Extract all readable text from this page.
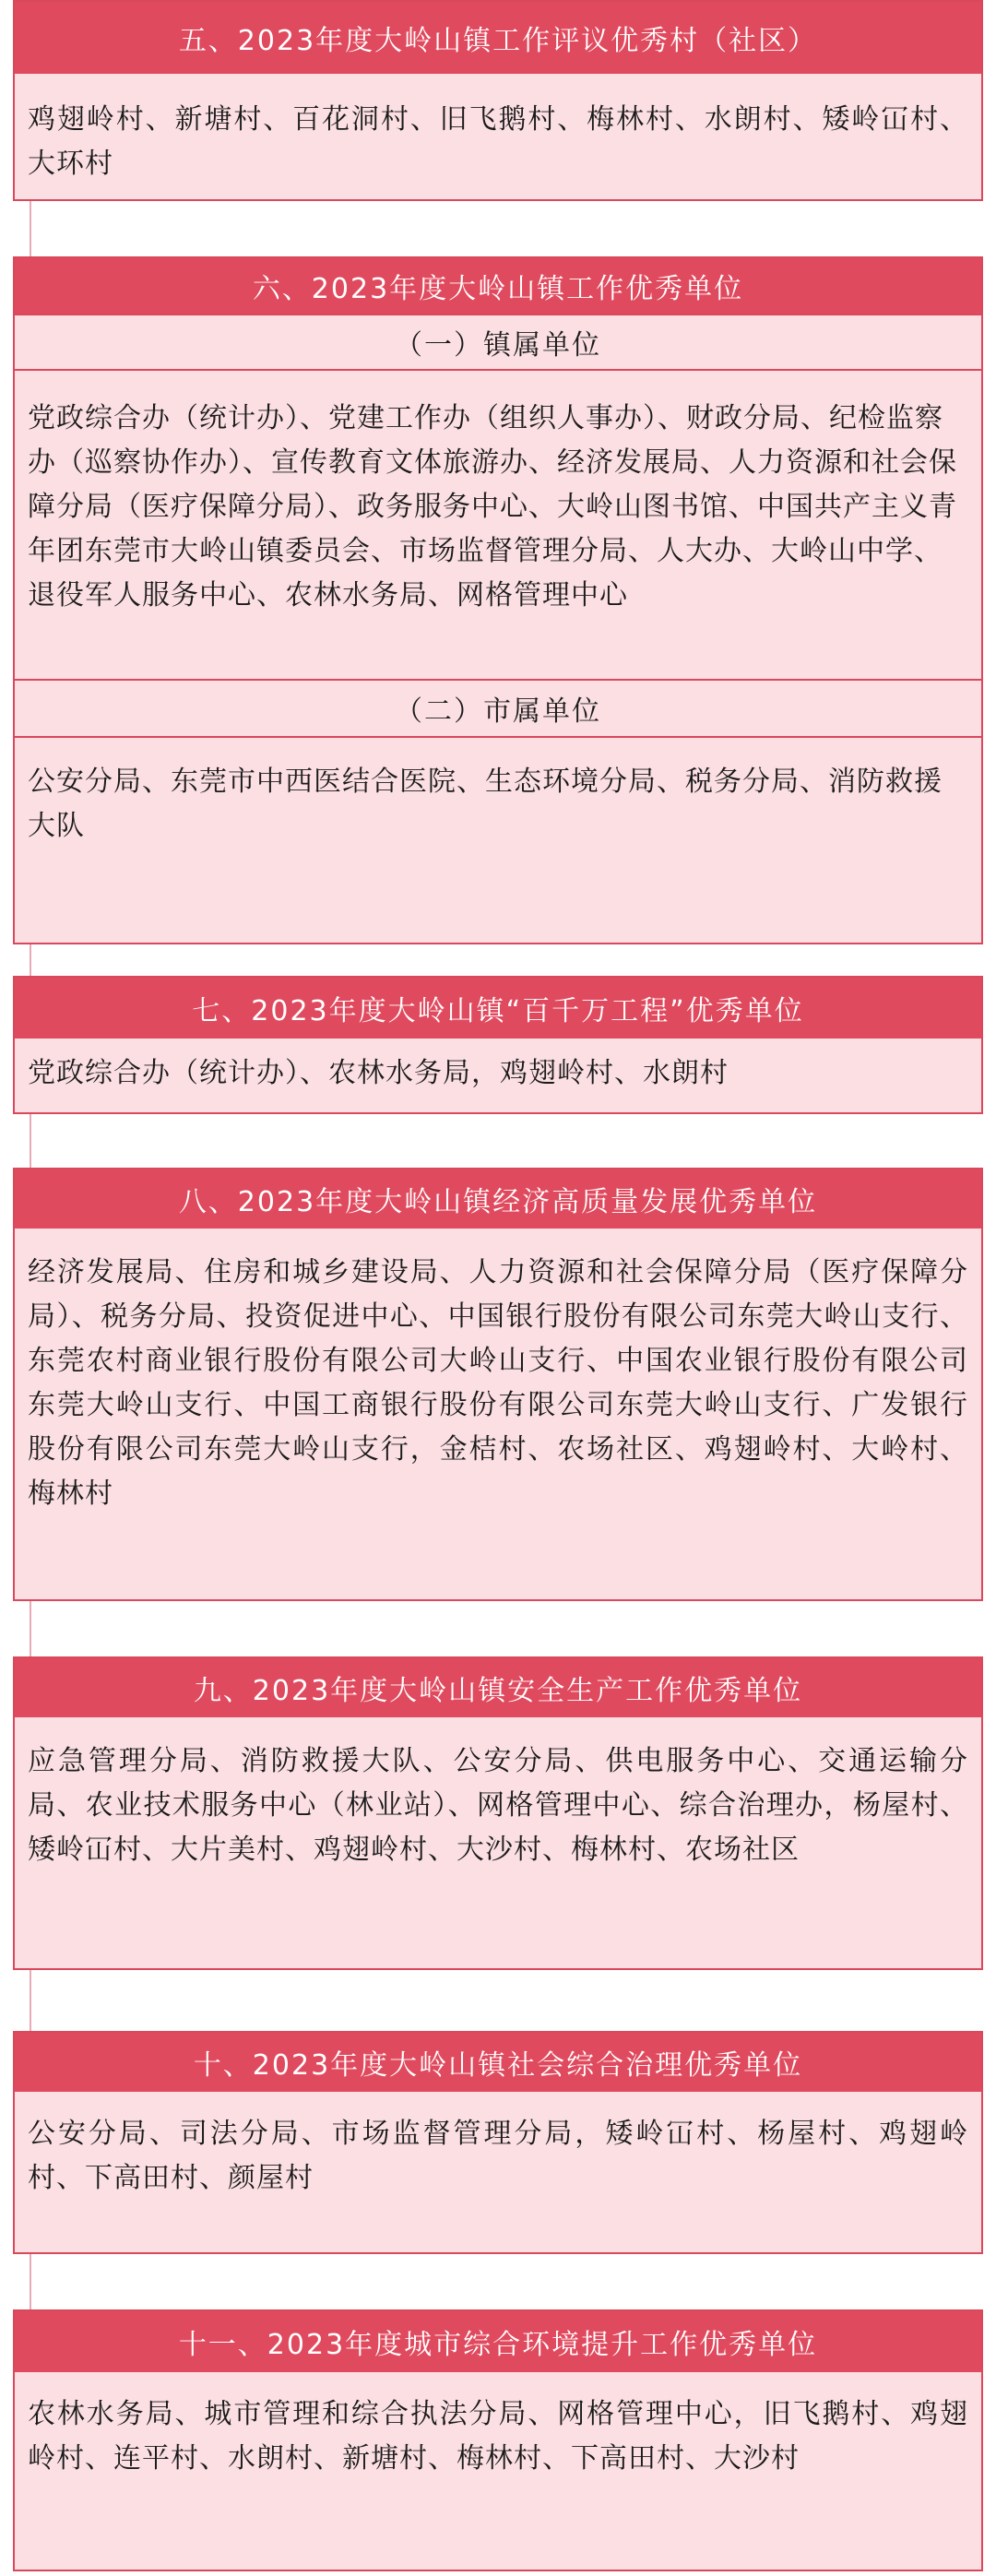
五、2023年度大岭山镇工作评议优秀村（社区）
鸡翅岭村、新塘村、百花洞村、旧飞鹅村、梅林村、水朗村、矮岭冚村、大环村
六、2023年度大岭山镇工作优秀单位
（一）镇属单位
党政综合办（统计办）、党建工作办（组织人事办）、财政分局、纪检监察办（巡察协作办）、宣传教育文体旅游办、经济发展局、人力资源和社会保障分局（医疗保障分局）、政务服务中心、大岭山图书馆、中国共产主义青年团东莞市大岭山镇委员会、市场监督管理分局、人大办、大岭山中学、退役军人服务中心、农林水务局、网格管理中心
（二）市属单位
公安分局、东莞市中西医结合医院、生态环境分局、税务分局、消防救援大队
七、2023年度大岭山镇“百千万工程”优秀单位
党政综合办（统计办）、农林水务局，鸡翅岭村、水朗村
八、2023年度大岭山镇经济高质量发展优秀单位
经济发展局、住房和城乡建设局、人力资源和社会保障分局（医疗保障分局）、税务分局、投资促进中心、中国银行股份有限公司东莞大岭山支行、东莞农村商业银行股份有限公司大岭山支行、中国农业银行股份有限公司东莞大岭山支行、中国工商银行股份有限公司东莞大岭山支行、广发银行股份有限公司东莞大岭山支行，金桔村、农场社区、鸡翅岭村、大岭村、梅林村
九、2023年度大岭山镇安全生产工作优秀单位
应急管理分局、消防救援大队、公安分局、供电服务中心、交通运输分局、农业技术服务中心（林业站）、网格管理中心、综合治理办，杨屋村、矮岭冚村、大片美村、鸡翅岭村、大沙村、梅林村、农场社区
十、2023年度大岭山镇社会综合治理优秀单位
公安分局、司法分局、市场监督管理分局，矮岭冚村、杨屋村、鸡翅岭村、下高田村、颜屋村
十一、2023年度城市综合环境提升工作优秀单位
农林水务局、城市管理和综合执法分局、网格管理中心，旧飞鹅村、鸡翅岭村、连平村、水朗村、新塘村、梅林村、下高田村、大沙村
